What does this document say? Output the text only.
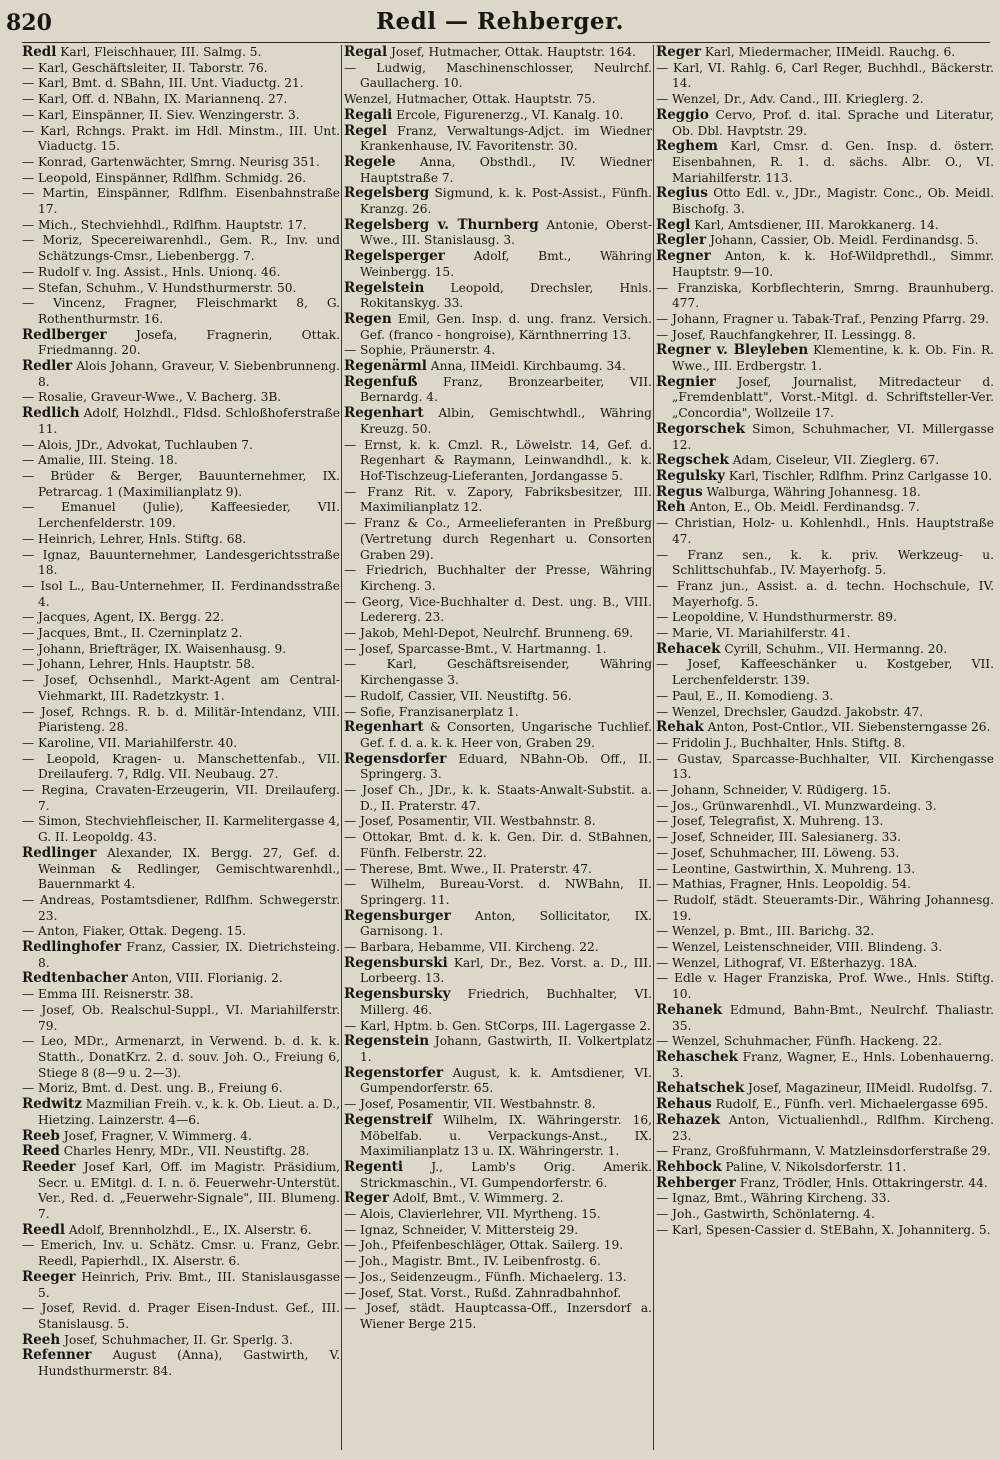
820	Redl — Rehberger.
Redl Karl, Fleischhauer, III. Salmg. 5.
— Karl, Geschäftsleiter, II. Taborstr. 76.
— Karl, Bmt. d. SBahn, III. Unt. Viaductg. 21.
— Karl, Off. d. NBahn, IX. Mariannenq. 27.
— Karl, Einspänner, II. Siev. Wenzingerstr. 3.
— Karl, Rchngs. Prakt. im Hdl. Minstm., III. Unt. Viaductg. 15.
— Konrad, Gartenwächter, Smrng. Neurisg 351.
— Leopold, Einspänner, Rdlfhm. Schmidg. 26.
— Martin, Einspänner, Rdlfhm. Eisenbahnstraße 17.
— Mich., Stechviehhdl., Rdlfhm. Hauptstr. 17.
— Moriz, Specereiwarenhdl., Gem. R., Inv. und Schätzungs-Cmsr., Liebenbergg. 7.
— Rudolf v. Ing. Assist., Hnls. Unionq. 46.
— Stefan, Schuhm., V. Hundsthurmerstr. 50.
— Vincenz, Fragner, Fleischmarkt 8, G. Rothenthurmstr. 16.
Redlberger Josefa, Fragnerin, Ottak. Friedmanng. 20.
Redler Alois Johann, Graveur, V. Siebenbrunneng. 8.
— Rosalie, Graveur-Wwe., V. Bacherg. 3B.
Redlich Adolf, Holzhdl., Fldsd. Schloßhoferstraße 11.
— Alois, JDr., Advokat, Tuchlauben 7.
— Amalie, III. Steing. 18.
— Brüder & Berger, Bauunternehmer, IX. Petrarcag. 1 (Maximilianplatz 9).
— Emanuel (Julie), Kaffeesieder, VII. Lerchenfelderstr. 109.
— Heinrich, Lehrer, Hnls. Stiftg. 68.
— Ignaz, Bauunternehmer, Landesgerichtsstraße 18.
— Isol L., Bau-Unternehmer, II. Ferdinandsstraße 4.
— Jacques, Agent, IX. Bergg. 22.
— Jacques, Bmt., II. Czerninplatz 2.
— Johann, Briefträger, IX. Waisenhausg. 9.
— Johann, Lehrer, Hnls. Hauptstr. 58.
— Josef, Ochsenhdl., Markt-Agent am Central-Viehmarkt, III. Radetzkystr. 1.
— Josef, Rchngs. R. b. d. Militär-Intendanz, VIII. Piaristeng. 28.
— Karoline, VII. Mariahilferstr. 40.
— Leopold, Kragen- u. Manschettenfab., VII. Dreilauferg. 7, Rdlg. VII. Neubaug. 27.
— Regina, Cravaten-Erzeugerin, VII. Dreilauferg. 7.
— Simon, Stechviehfleischer, II. Karmelitergasse 4, G. II. Leopoldg. 43.
Redlinger Alexander, IX. Bergg. 27, Gef. d. Weinman & Redlinger, Gemischtwarenhdl., Bauernmarkt 4.
— Andreas, Postamtsdiener, Rdlfhm. Schwegerstr. 23.
— Anton, Fiaker, Ottak. Degeng. 15.
Redlinghofer Franz, Cassier, IX. Dietrichsteing. 8.
Redtenbacher Anton, VIII. Florianig. 2.
— Emma III. Reisnerstr. 38.
— Josef, Ob. Realschul-Suppl., VI. Mariahilferstr. 79.
— Leo, MDr., Armenarzt, in Verwend. b. d. k. k. Statth., DonatKrz. 2. d. souv. Joh. O., Freiung 6, Stiege 8 (8—9 u. 2—3).
— Moriz, Bmt. d. Dest. ung. B., Freiung 6.
Redwitz Mazmilian Freih. v., k. k. Ob. Lieut. a. D., Hietzing. Lainzerstr. 4—6.
Reeb Josef, Fragner, V. Wimmerg. 4.
Reed Charles Henry, MDr., VII. Neustiftg. 28.
Reeder Josef Karl, Off. im Magistr. Präsidium, Secr. u. EMitgl. d. I. n. ö. Feuerwehr-Unterstüt. Ver., Red. d. „Feuerwehr-Signale", III. Blumeng. 7.
Reedl Adolf, Brennholzhdl., E., IX. Alserstr. 6.
— Emerich, Inv. u. Schätz. Cmsr. u. Franz, Gebr. Reedl, Papierhdl., IX. Alserstr. 6.
Reeger Heinrich, Priv. Bmt., III. Stanislausgasse 5.
— Josef, Revid. d. Prager Eisen-Indust. Gef., III. Stanislausg. 5.
Reeh Josef, Schuhmacher, II. Gr. Sperlg. 3.
Refenner August (Anna), Gastwirth, V. Hundsthurmerstr. 84.
Regal Josef, Hutmacher, Ottak. Hauptstr. 164.
— Ludwig, Maschinenschlosser, Neulrchf. Gaullacherg. 10.
Wenzel, Hutmacher, Ottak. Hauptstr. 75.
Regali Ercole, Figurenerzg., VI. Kanalg. 10.
Regel Franz, Verwaltungs-Adjct. im Wiedner Krankenhause, IV. Favoritenstr. 30.
Regele Anna, Obsthdl., IV. Wiedner Hauptstraße 7.
Regelsberg Sigmund, k. k. Post-Assist., Fünfh. Kranzg. 26.
Regelsberg v. Thurnberg Antonie, Oberst-Wwe., III. Stanislausg. 3.
Regelsperger Adolf, Bmt., Währing Weinbergg. 15.
Regelstein Leopold, Drechsler, Hnls. Rokitanskyg. 33.
Regen Emil, Gen. Insp. d. ung. franz. Versich. Gef. (franco - hongroise), Kärnthnerring 13.
— Sophie, Präunerstr. 4.
Regenärml Anna, IIMeidl. Kirchbaumg. 34.
Regenfuß Franz, Bronzearbeiter, VII. Bernardg. 4.
Regenhart Albin, Gemischtwhdl., Währing Kreuzg. 50.
— Ernst, k. k. Cmzl. R., Löwelstr. 14, Gef. d. Regenhart & Raymann, Leinwandhdl., k. k. Hof-Tischzeug-Lieferanten, Jordangasse 5.
— Franz Rit. v. Zapory, Fabriksbesitzer, III. Maximilianplatz 12.
— Franz & Co., Armeelieferanten in Preßburg (Vertretung durch Regenhart u. Consorten Graben 29).
— Friedrich, Buchhalter der Presse, Währing Kircheng. 3.
— Georg, Vice-Buchhalter d. Dest. ung. B., VIII. Ledererg. 23.
— Jakob, Mehl-Depot, Neulrchf. Brunneng. 69.
— Josef, Sparcasse-Bmt., V. Hartmanng. 1.
— Karl, Geschäftsreisender, Währing Kirchengasse 3.
— Rudolf, Cassier, VII. Neustiftg. 56.
— Sofie, Franzisanerplatz 1.
Regenhart & Consorten, Ungarische Tuchlief. Gef. f. d. a. k. k. Heer von, Graben 29.
Regensdorfer Eduard, NBahn-Ob. Off., II. Springerg. 3.
— Josef Ch., JDr., k. k. Staats-Anwalt-Substit. a. D., II. Praterstr. 47.
— Josef, Posamentir, VII. Westbahnstr. 8.
— Ottokar, Bmt. d. k. k. Gen. Dir. d. StBahnen, Fünfh. Felberstr. 22.
— Therese, Bmt. Wwe., II. Praterstr. 47.
— Wilhelm, Bureau-Vorst. d. NWBahn, II. Springerg. 11.
Regensburger Anton, Sollicitator, IX. Garnisong. 1.
— Barbara, Hebamme, VII. Kircheng. 22.
Regensburski Karl, Dr., Bez. Vorst. a. D., III. Lorbeerg. 13.
Regensbursky Friedrich, Buchhalter, VI. Millerg. 46.
— Karl, Hptm. b. Gen. StCorps, III. Lagergasse 2.
Regenstein Johann, Gastwirth, II. Volkertplatz 1.
Regenstorfer August, k. k. Amtsdiener, VI. Gumpendorferstr. 65.
— Josef, Posamentir, VII. Westbahnstr. 8.
Regenstreif Wilhelm, IX. Währingerstr. 16, Möbelfab. u. Verpackungs-Anst., IX. Maximilianplatz 13 u. IX. Währingerstr. 1.
Regenti J., Lamb's Orig. Amerik. Strickmaschin., VI. Gumpendorferstr. 6.
Reger Adolf, Bmt., V. Wimmerg. 2.
— Alois, Clavierlehrer, VII. Myrtheng. 15.
— Ignaz, Schneider, V. Mittersteig 29.
— Joh., Pfeifenbeschläger, Ottak. Sailerg. 19.
— Joh., Magistr. Bmt., IV. Leibenfrostg. 6.
— Jos., Seidenzeugm., Fünfh. Michaelerg. 13.
— Josef, Stat. Vorst., Rußd. Zahnradbahnhof.
— Josef, städt. Hauptcassa-Off., Inzersdorf a. Wiener Berge 215.
Reger Karl, Miedermacher, IIMeidl. Rauchg. 6.
— Karl, VI. Rahlg. 6, Carl Reger, Buchhdl., Bäckerstr. 14.
— Wenzel, Dr., Adv. Cand., III. Krieglerg. 2.
Reggio Cervo, Prof. d. ital. Sprache und Literatur, Ob. Dbl. Havptstr. 29.
Reghem Karl, Cmsr. d. Gen. Insp. d. österr. Eisenbahnen, R. 1. d. sächs. Albr. O., VI. Mariahilferstr. 113.
Regius Otto Edl. v., JDr., Magistr. Conc., Ob. Meidl. Bischofg. 3.
Regl Karl, Amtsdiener, III. Marokkanerg. 14.
Regler Johann, Cassier, Ob. Meidl. Ferdinandsg. 5.
Regner Anton, k. k. Hof-Wildprethdl., Simmr. Hauptstr. 9—10.
— Franziska, Korbflechterin, Smrng. Braunhuberg. 477.
— Johann, Fragner u. Tabak-Traf., Penzing Pfarrg. 29.
— Josef, Rauchfangkehrer, II. Lessingg. 8.
Regner v. Bleyleben Klementine, k. k. Ob. Fin. R. Wwe., III. Erdbergstr. 1.
Regnier Josef, Journalist, Mitredacteur d. „Fremdenblatt", Vorst.-Mitgl. d. Schriftsteller-Ver. „Concordia", Wollzeile 17.
Regorschek Simon, Schuhmacher, VI. Millergasse 12.
Regschek Adam, Ciseleur, VII. Zieglerg. 67.
Regulsky Karl, Tischler, Rdlfhm. Prinz Carlgasse 10.
Regus Walburga, Währing Johannesg. 18.
Reh Anton, E., Ob. Meidl. Ferdinandsg. 7.
— Christian, Holz- u. Kohlenhdl., Hnls. Hauptstraße 47.
— Franz sen., k. k. priv. Werkzeug- u. Schlittschuhfab., IV. Mayerhofg. 5.
— Franz jun., Assist. a. d. techn. Hochschule, IV. Mayerhofg. 5.
— Leopoldine, V. Hundsthurmerstr. 89.
— Marie, VI. Mariahilferstr. 41.
Rehacek Cyrill, Schuhm., VII. Hermanng. 20.
— Josef, Kaffeeschänker u. Kostgeber, VII. Lerchenfelderstr. 139.
— Paul, E., II. Komodieng. 3.
— Wenzel, Drechsler, Gaudzd. Jakobstr. 47.
Rehak Anton, Post-Cntlor., VII. Siebensterngasse 26.
— Fridolin J., Buchhalter, Hnls. Stiftg. 8.
— Gustav, Sparcasse-Buchhalter, VII. Kirchengasse 13.
— Johann, Schneider, V. Rüdigerg. 15.
— Jos., Grünwarenhdl., VI. Munzwardeing. 3.
— Josef, Telegrafist, X. Muhreng. 13.
— Josef, Schneider, III. Salesianerg. 33.
— Josef, Schuhmacher, III. Löweng. 53.
— Leontine, Gastwirthin, X. Muhreng. 13.
— Mathias, Fragner, Hnls. Leopoldig. 54.
— Rudolf, städt. Steueramts-Dir., Währing Johannesg. 19.
— Wenzel, p. Bmt., III. Barichg. 32.
— Wenzel, Leistenschneider, VIII. Blindeng. 3.
— Wenzel, Lithograf, VI. Eßterhazyg. 18A.
— Edle v. Hager Franziska, Prof. Wwe., Hnls. Stiftg. 10.
Rehanek Edmund, Bahn-Bmt., Neulrchf. Thaliastr. 35.
— Wenzel, Schuhmacher, Fünfh. Hackeng. 22.
Rehaschek Franz, Wagner, E., Hnls. Lobenhauerng. 3.
Rehatschek Josef, Magazineur, IIMeidl. Rudolfsg. 7.
Rehaus Rudolf, E., Fünfh. verl. Michaelergasse 695.
Rehazek Anton, Victualienhdl., Rdlfhm. Kircheng. 23.
— Franz, Großfuhrmann, V. Matzleinsdorferstraße 29.
Rehbock Paline, V. Nikolsdorferstr. 11.
Rehberger Franz, Trödler, Hnls. Ottakringerstr. 44.
— Ignaz, Bmt., Währing Kircheng. 33.
— Joh., Gastwirth, Schönlaterng. 4.
— Karl, Spesen-Cassier d. StEBahn, X. Johanniterg. 5.
